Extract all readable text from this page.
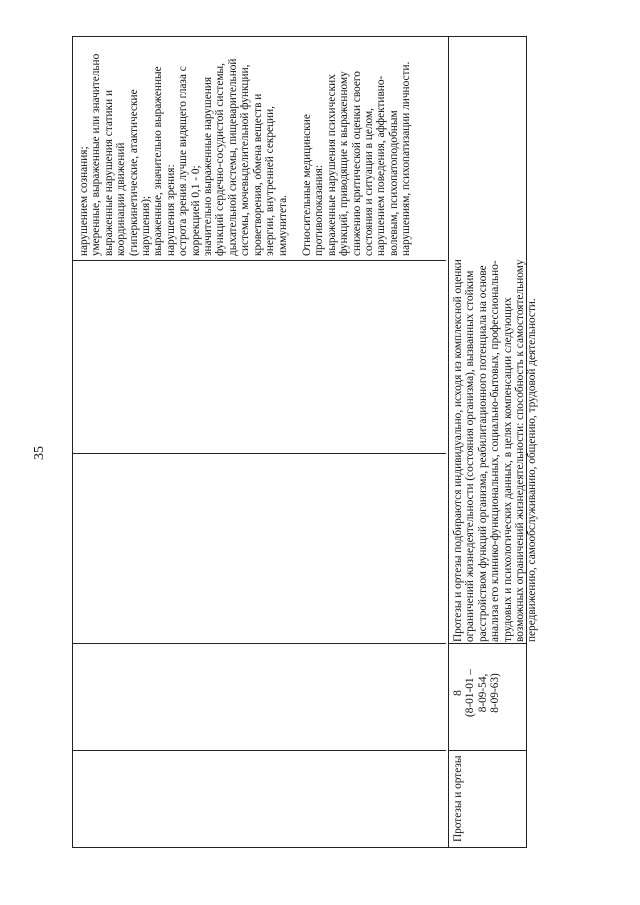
35

нарушением сознания; умеренные, выраженные или значительно выраженные нарушения статики и координации движений (гиперкинетические, атактические нарушения); выраженные, значительно выраженные нарушения зрения: острота зрения лучше видящего глаза с коррекцией 0,1 - 0; значительно выраженные нарушения функций сердечно-сосудистой системы, дыхательной системы, пищеварительной системы, мочевыделительной функции, кроветворения, обмена веществ и энергии, внутренней секреции, иммунитета. Относительные медицинские противопоказания: выраженные нарушения психических функций, приводящие к выраженному снижению критической оценки своего состояния и ситуации в целом, нарушением поведения, аффективно- волевым, психопатоподобным нарушениям, психопатизации личности.

Протезы и ортезы

8 (8-01-01 – 8-09-54, 8-09-63)

Протезы и ортезы подбираются индивидуально, исходя из комплексной оценки ограничений жизнедеятельности (состояния организма), вызванных стойким расстройством функций организма, реабилитационного потенциала на основе анализа его клинико-функциональных, социально-бытовых, профессионально- трудовых и психологических данных, в целях компенсации следующих возможных ограничений жизнедеятельности: способность к самостоятельному передвижению, самообслуживанию, общению, трудовой деятельности.
